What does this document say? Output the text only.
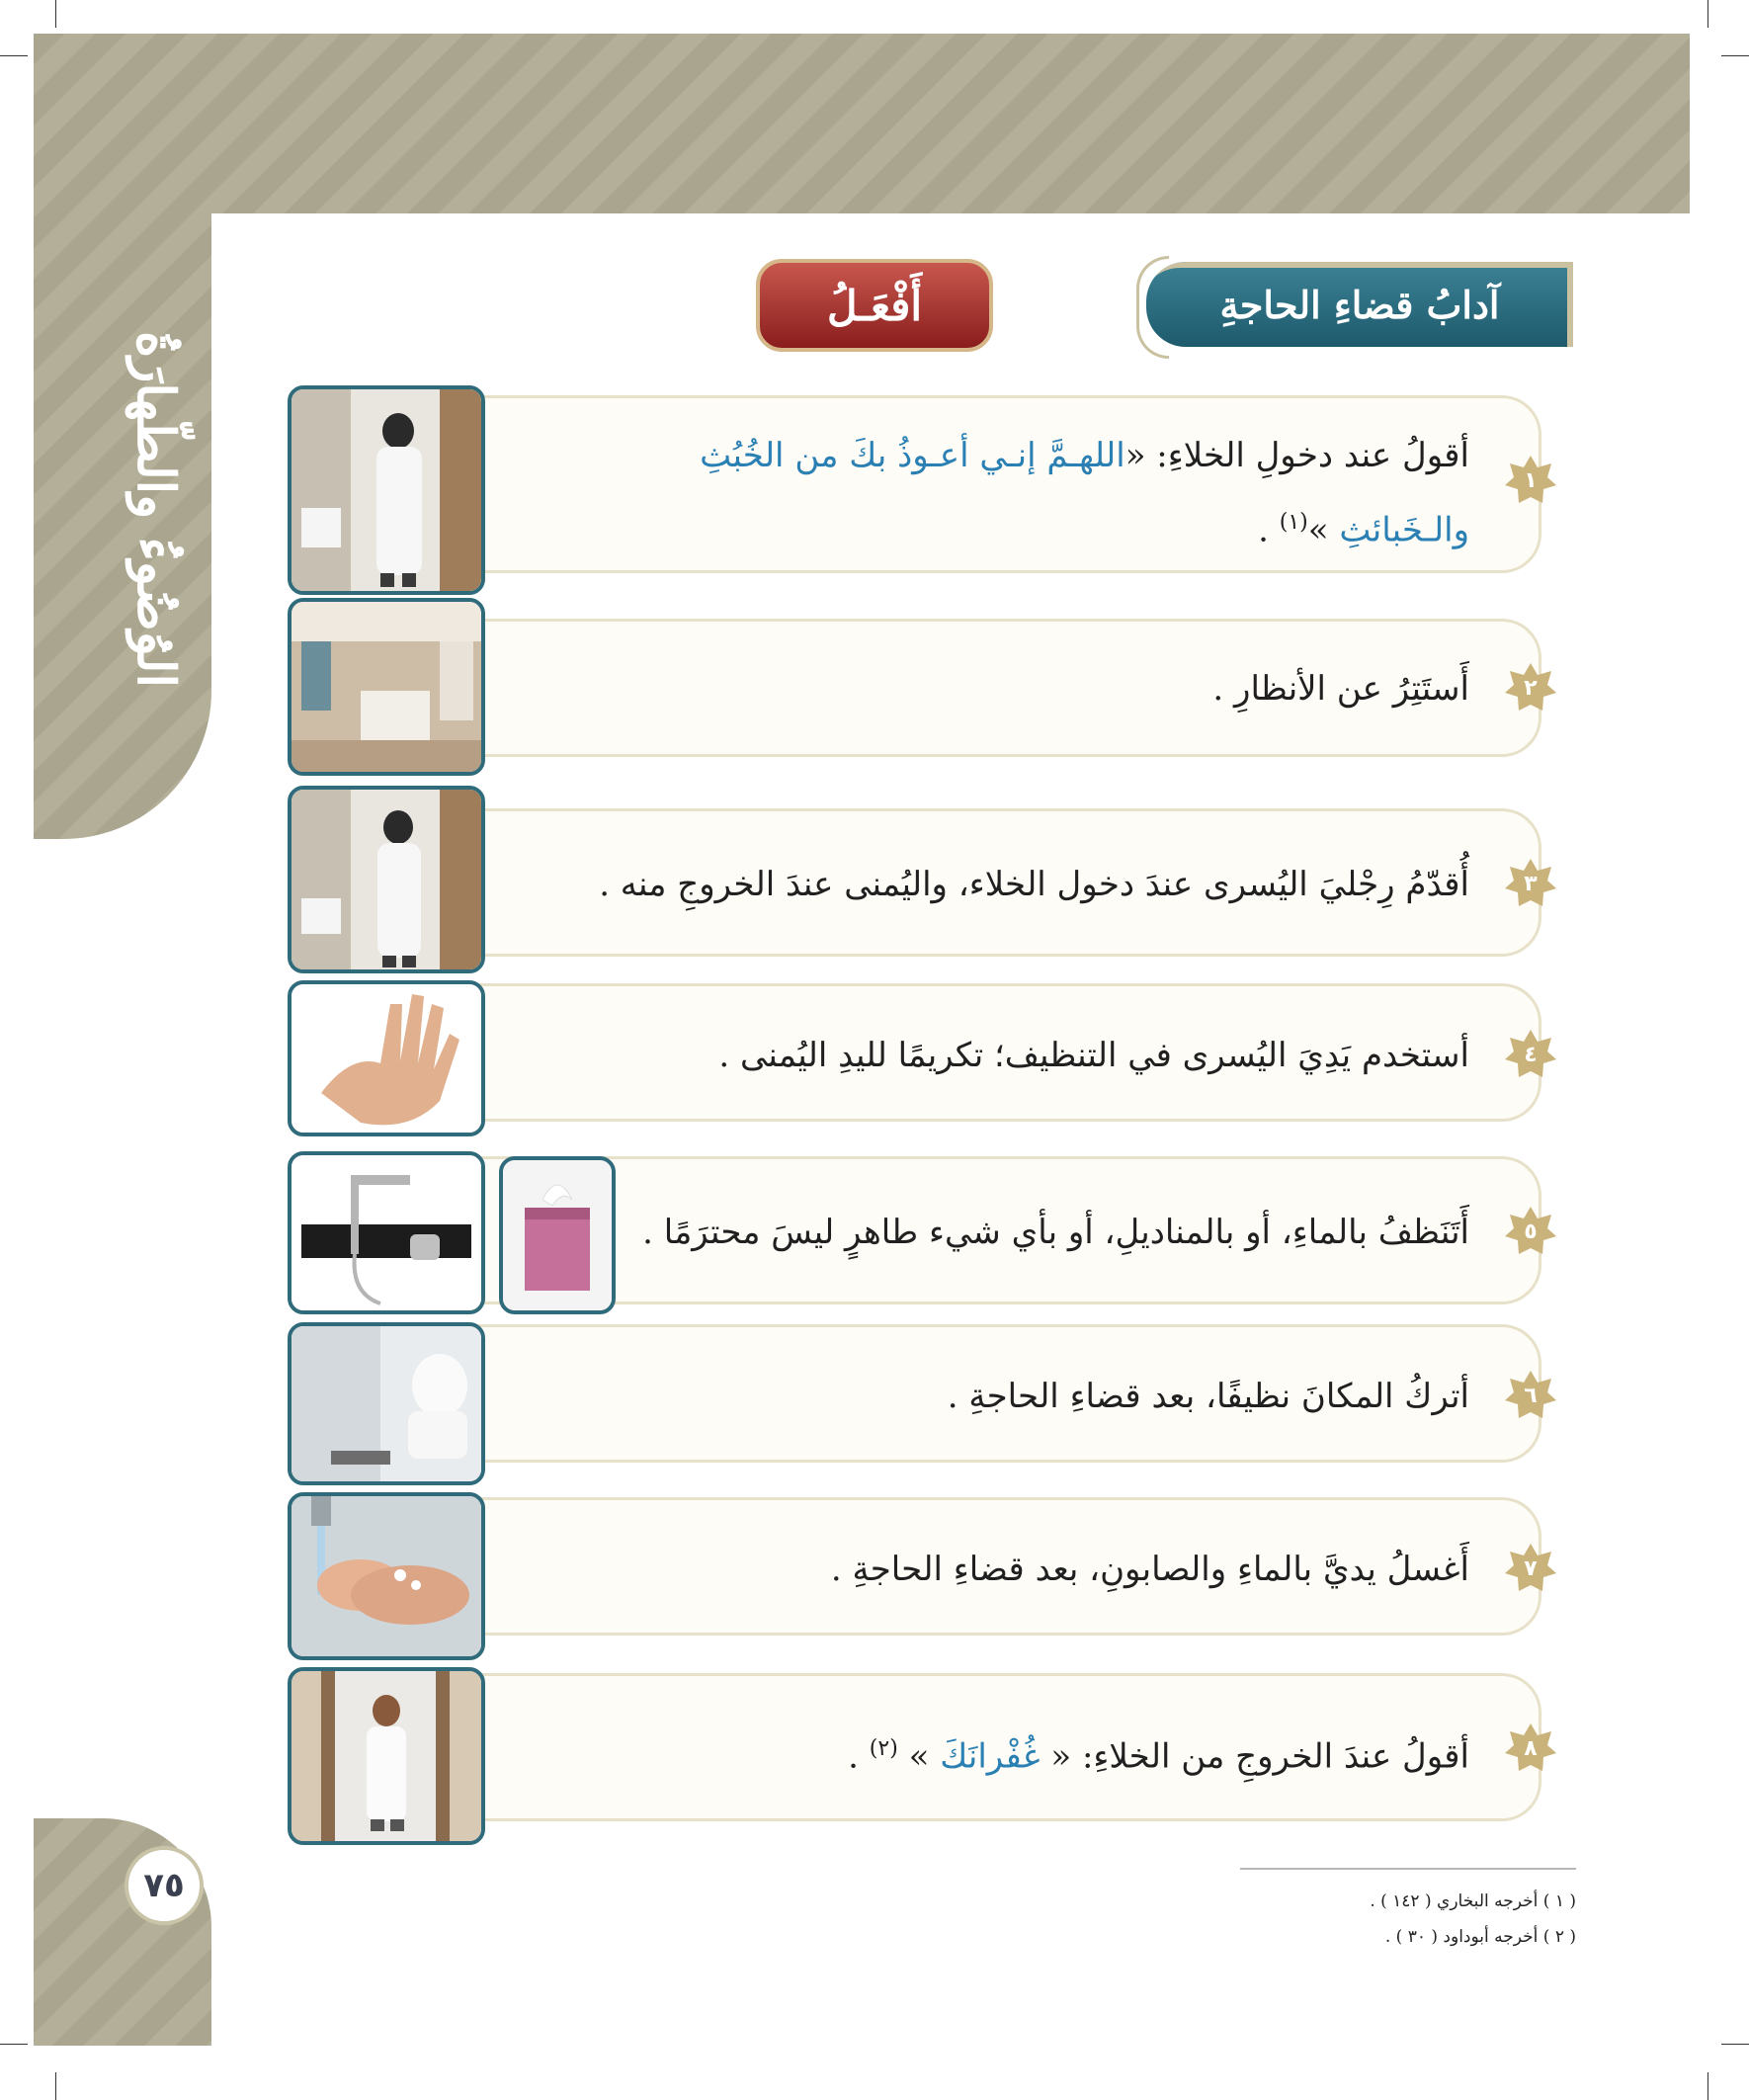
الوُضُوءُ والطّهارَةُ
٧٥
آدابُ قضاءِ الحاجةِ
أَفْعَـلُ
أقولُ عند دخولِ الخلاءِ: «اللهـمَّ إنـي أعـوذُ بكَ من الخُبُثِ والـخَبائثِ »$^{(١)}$ .
١
أَستَتِرُ عن الأنظارِ .	٢
أُقدّمُ رِجْليَ اليُسرى عندَ دخول الخلاء، واليُمنى عندَ الخروجِ منه .	٣
أستخدم يَدِيَ اليُسرى في التنظيف؛ تكريمًا لليدِ اليُمنى .	٤
أَتَنَظفُ بالماءِ، أو بالمناديلِ، أو بأي شيء طاهرٍ ليسَ محترَمًا .	٥
أتركُ المكانَ نظيفًا، بعد قضاءِ الحاجةِ .	٦
أَغسلُ يديَّ بالماءِ والصابونِ، بعد قضاءِ الحاجةِ .	٧
أقولُ عندَ الخروجِ من الخلاءِ: « غُفْرانَكَ » $^{(٢)}$ .	٨
( ١ ) أخرجه البخاري ( ١٤٢ ) .
( ٢ ) أخرجه أبوداود ( ٣٠ ) .
